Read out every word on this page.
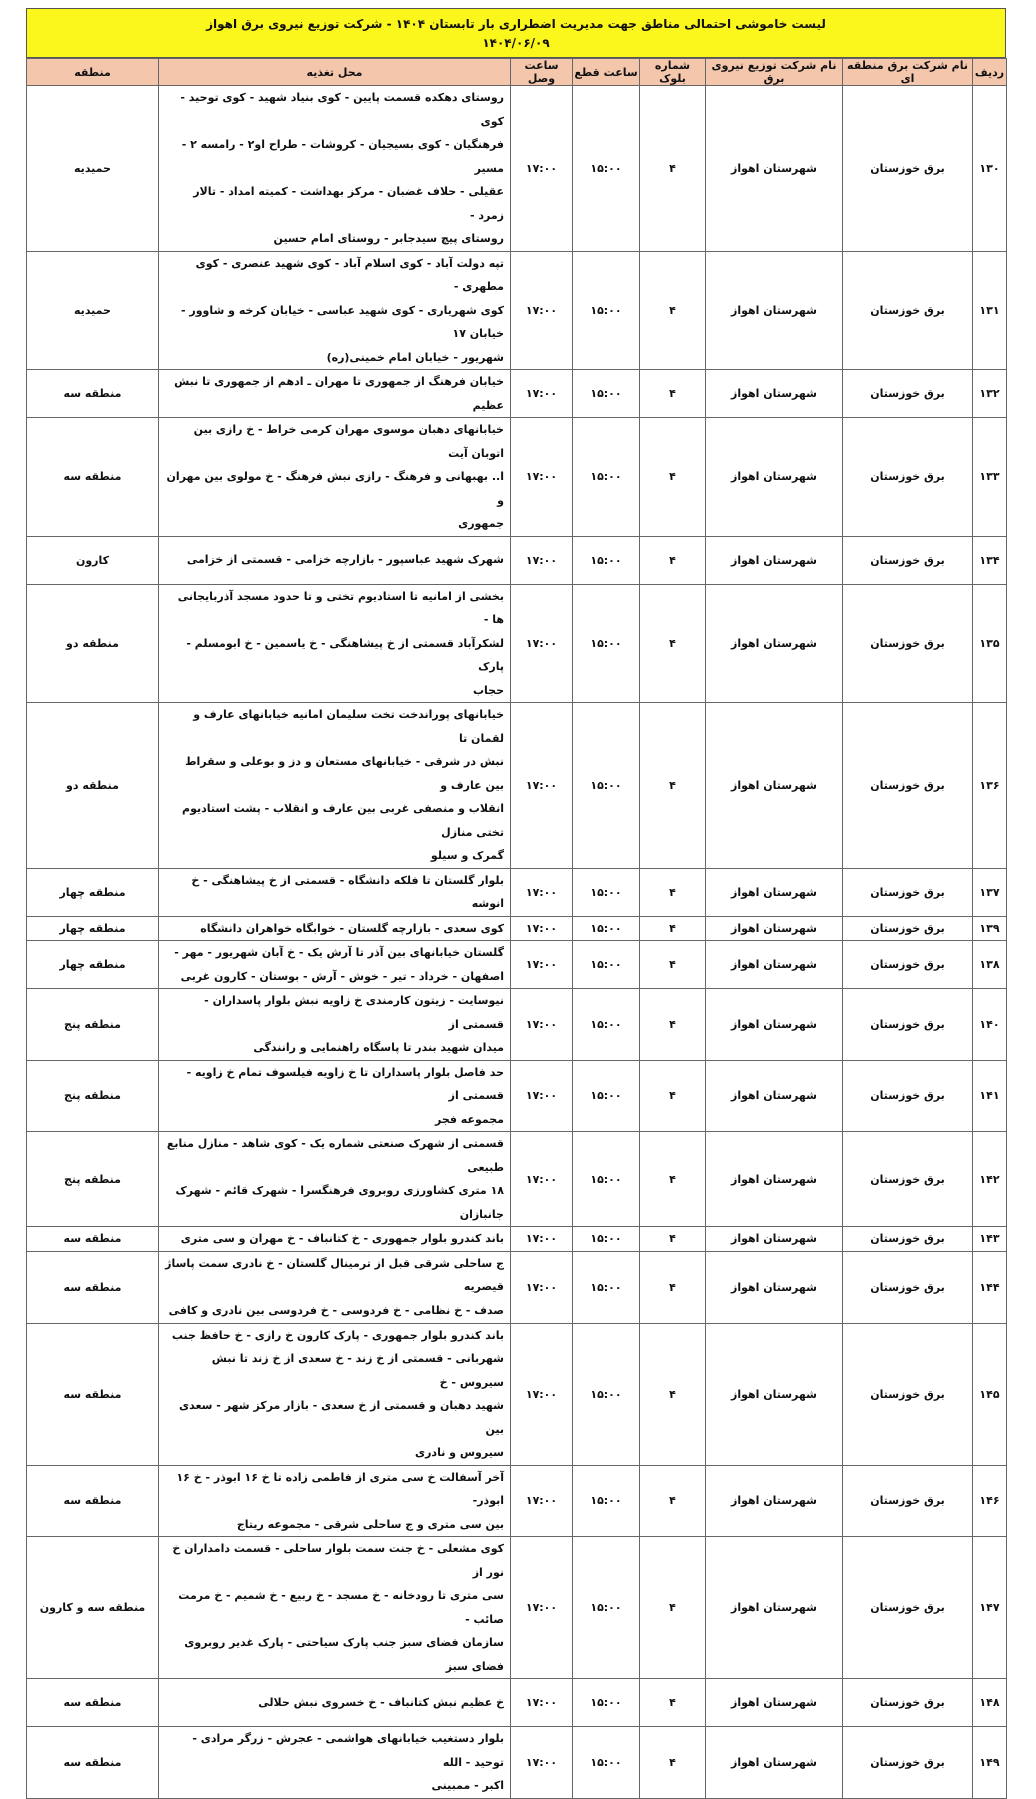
لیست خاموشی احتمالی مناطق جهت مدیریت اضطراری بار تابستان ۱۴۰۴ - شرکت توزیع نیروی برق اهواز
۱۴۰۴/۰۶/۰۹
ردیف	نام شرکت برق منطقه ای	نام شرکت توزیع نیروی برق	شماره بلوک	ساعت قطع	ساعت وصل	محل تغذیه	منطقه
۱۳۰	برق خوزستان	شهرستان اهواز	۴	۱۵:۰۰	۱۷:۰۰	روستای دهکده قسمت پایین - کوی بنیاد شهید - کوی توحید - کوی
فرهنگیان - کوی بسیجیان - کروشات - طراح او۲ - رامسه ۲ - مسیر
عقیلی - حلاف غضبان - مرکز بهداشت - کمیته امداد - تالار زمرد -
روستای پیچ سیدجابر - روستای امام حسین	حمیدیه
۱۳۱	برق خوزستان	شهرستان اهواز	۴	۱۵:۰۰	۱۷:۰۰	تپه دولت آباد - کوی اسلام آباد - کوی شهید عنصری - کوی مطهری -
کوی شهریاری - کوی شهید عباسی - خیابان کرخه و شاوور - خیابان ۱۷
شهریور - خیابان امام خمینی(ره)	حمیدیه
۱۳۲	برق خوزستان	شهرستان اهواز	۴	۱۵:۰۰	۱۷:۰۰	خیابان فرهنگ از جمهوری تا مهران ـ ادهم از جمهوری تا نبش عظیم	منطقه سه
۱۳۳	برق خوزستان	شهرستان اهواز	۴	۱۵:۰۰	۱۷:۰۰	خیابانهای دهبان موسوی مهران کرمی خراط - خ رازی بین اتوبان آیت
ا.. بهبهانی و فرهنگ - رازی نبش فرهنگ - خ مولوی بین مهران و
جمهوری	منطقه سه
۱۳۴	برق خوزستان	شهرستان اهواز	۴	۱۵:۰۰	۱۷:۰۰	شهرک شهید عباسپور - بازارچه خزامی - قسمتی از خزامی	کارون
۱۳۵	برق خوزستان	شهرستان اهواز	۴	۱۵:۰۰	۱۷:۰۰	بخشی از امانیه تا استادیوم تختی و تا حدود مسجد آذربایجانی ها -
لشکرآباد قسمتی از خ پیشاهنگی - خ یاسمین - خ ابومسلم - پارک
حجاب	منطقه دو
۱۳۶	برق خوزستان	شهرستان اهواز	۴	۱۵:۰۰	۱۷:۰۰	خیابانهای پوراندخت تخت سلیمان امانیه خیابانهای عارف و لقمان تا
نبش در شرقی - خیابانهای مستعان و دز و بوعلی و سقراط بین عارف و
انقلاب و منصفی غربی بین عارف و انقلاب - پشت استادیوم تختی منازل
گمرک و سیلو	منطقه دو
۱۳۷	برق خوزستان	شهرستان اهواز	۴	۱۵:۰۰	۱۷:۰۰	بلوار گلستان تا فلکه دانشگاه - قسمتی از خ پیشاهنگی - خ انوشه	منطقه چهار
۱۳۹	برق خوزستان	شهرستان اهواز	۴	۱۵:۰۰	۱۷:۰۰	کوی سعدی - بازارچه گلستان - خوابگاه خواهران دانشگاه	منطقه چهار
۱۳۸	برق خوزستان	شهرستان اهواز	۴	۱۵:۰۰	۱۷:۰۰	گلستان خیابانهای بین آذر تا آرش یک - خ آبان شهریور - مهر -
اصفهان - خرداد - تیر - خوش - آرش - بوستان - کارون غربی	منطقه چهار
۱۴۰	برق خوزستان	شهرستان اهواز	۴	۱۵:۰۰	۱۷:۰۰	نیوسایت - زیتون کارمندی خ زاویه نبش بلوار پاسداران - قسمتی از
میدان شهید بندر تا پاسگاه راهنمایی و رانندگی	منطقه پنج
۱۴۱	برق خوزستان	شهرستان اهواز	۴	۱۵:۰۰	۱۷:۰۰	حد فاصل بلوار پاسداران تا خ زاویه فیلسوف تمام خ زاویه - قسمتی از
مجموعه فجر	منطقه پنج
۱۴۲	برق خوزستان	شهرستان اهواز	۴	۱۵:۰۰	۱۷:۰۰	قسمتی از شهرک صنعتی شماره یک - کوی شاهد - منازل منابع طبیعی
۱۸ متری کشاورزی روبروی فرهنگسرا - شهرک قائم - شهرک جانبازان	منطقه پنج
۱۴۳	برق خوزستان	شهرستان اهواز	۴	۱۵:۰۰	۱۷:۰۰	باند کندرو بلوار جمهوری - خ کتانباف - خ مهران و سی متری	منطقه سه
۱۴۴	برق خوزستان	شهرستان اهواز	۴	۱۵:۰۰	۱۷:۰۰	ج ساحلی شرقی قبل از ترمینال گلستان - خ نادری سمت پاساژ قیصریه
صدف - خ نظامی - خ فردوسی - خ فردوسی بین نادری و کافی	منطقه سه
۱۴۵	برق خوزستان	شهرستان اهواز	۴	۱۵:۰۰	۱۷:۰۰	باند کندرو بلوار جمهوری - پارک کارون خ رازی - خ حافظ جنب
شهربانی - قسمتی از خ زند - خ سعدی از خ زند تا نبش سیروس - خ
شهید دهبان و قسمتی از خ سعدی - بازار مرکز شهر - سعدی بین
سیروس و نادری	منطقه سه
۱۴۶	برق خوزستان	شهرستان اهواز	۴	۱۵:۰۰	۱۷:۰۰	آخر آسفالت خ سی متری از فاطمی زاده تا خ ۱۶ ابوذر - خ ۱۶ ابوذر-
بین سی متری و ج ساحلی شرقی - مجموعه ریتاج	منطقه سه
۱۴۷	برق خوزستان	شهرستان اهواز	۴	۱۵:۰۰	۱۷:۰۰	کوی مشعلی - خ جنت سمت بلوار ساحلی - قسمت دامداران خ نور از
سی متری تا رودخانه - خ مسجد - خ ربیع - خ شمیم - خ مرمت صائب -
سازمان فضای سبز جنب پارک سیاحتی - پارک غدیر روبروی فضای سبز	منطقه سه و کارون
۱۴۸	برق خوزستان	شهرستان اهواز	۴	۱۵:۰۰	۱۷:۰۰	خ عظیم نبش کتانباف - خ خسروی نبش حلالی	منطقه سه
۱۴۹	برق خوزستان	شهرستان اهواز	۴	۱۵:۰۰	۱۷:۰۰	بلوار دستغیب خیابانهای هواشمی - عجرش - زرگر مرادی - توحید - الله
اکبر - ممبینی	منطقه سه
